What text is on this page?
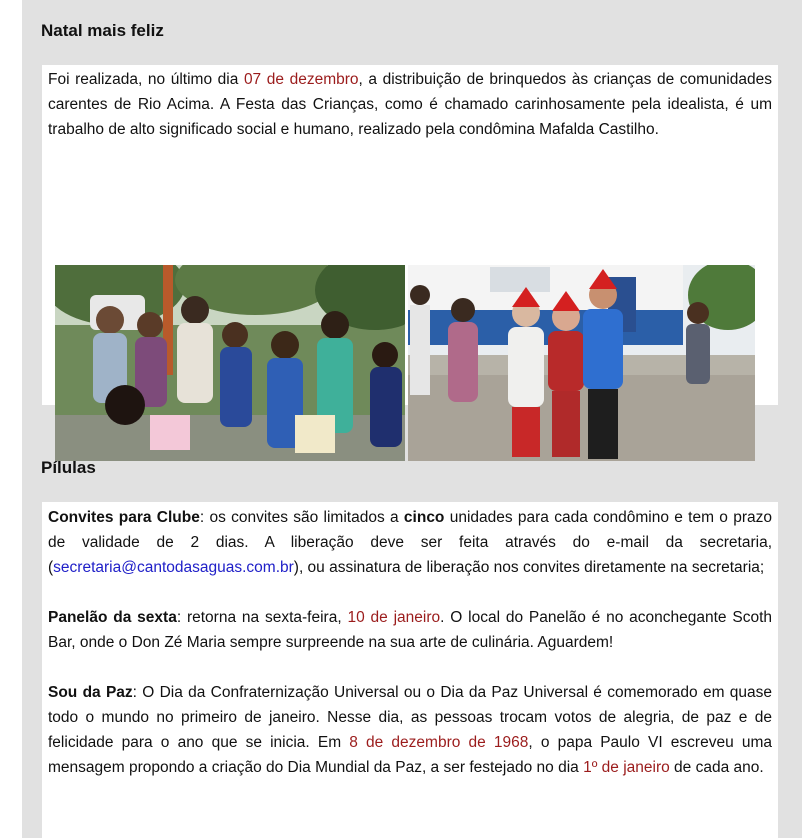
Natal mais feliz

Foi realizada, no último dia 07 de dezembro, a distribuição de brinquedos às crianças de comunidades carentes de Rio Acima. A Festa das Crianças, como é chamado carinhosamente pela idealista, é um trabalho de alto significado social e humano, realizado pela condômina Mafalda Castilho.

Pílulas

Convites para Clube: os convites são limitados a cinco unidades para cada condômino e tem o prazo de validade de 2 dias. A liberação deve ser feita através do e-mail da secretaria, (secretaria@cantodasaguas.com.br), ou assinatura de liberação nos convites diretamente na secretaria;

Panelão da sexta: retorna na sexta-feira, 10 de janeiro. O local do Panelão é no aconchegante Scoth Bar, onde o Don Zé Maria sempre surpreende na sua arte de culinária. Aguardem!

Sou da Paz: O Dia da Confraternização Universal ou o Dia da Paz Universal é comemorado em quase todo o mundo no primeiro de janeiro. Nesse dia, as pessoas trocam votos de alegria, de paz e de felicidade para o ano que se inicia. Em 8 de dezembro de 1968, o papa Paulo VI escreveu uma mensagem propondo a criação do Dia Mundial da Paz, a ser festejado no dia 1º de janeiro de cada ano.
